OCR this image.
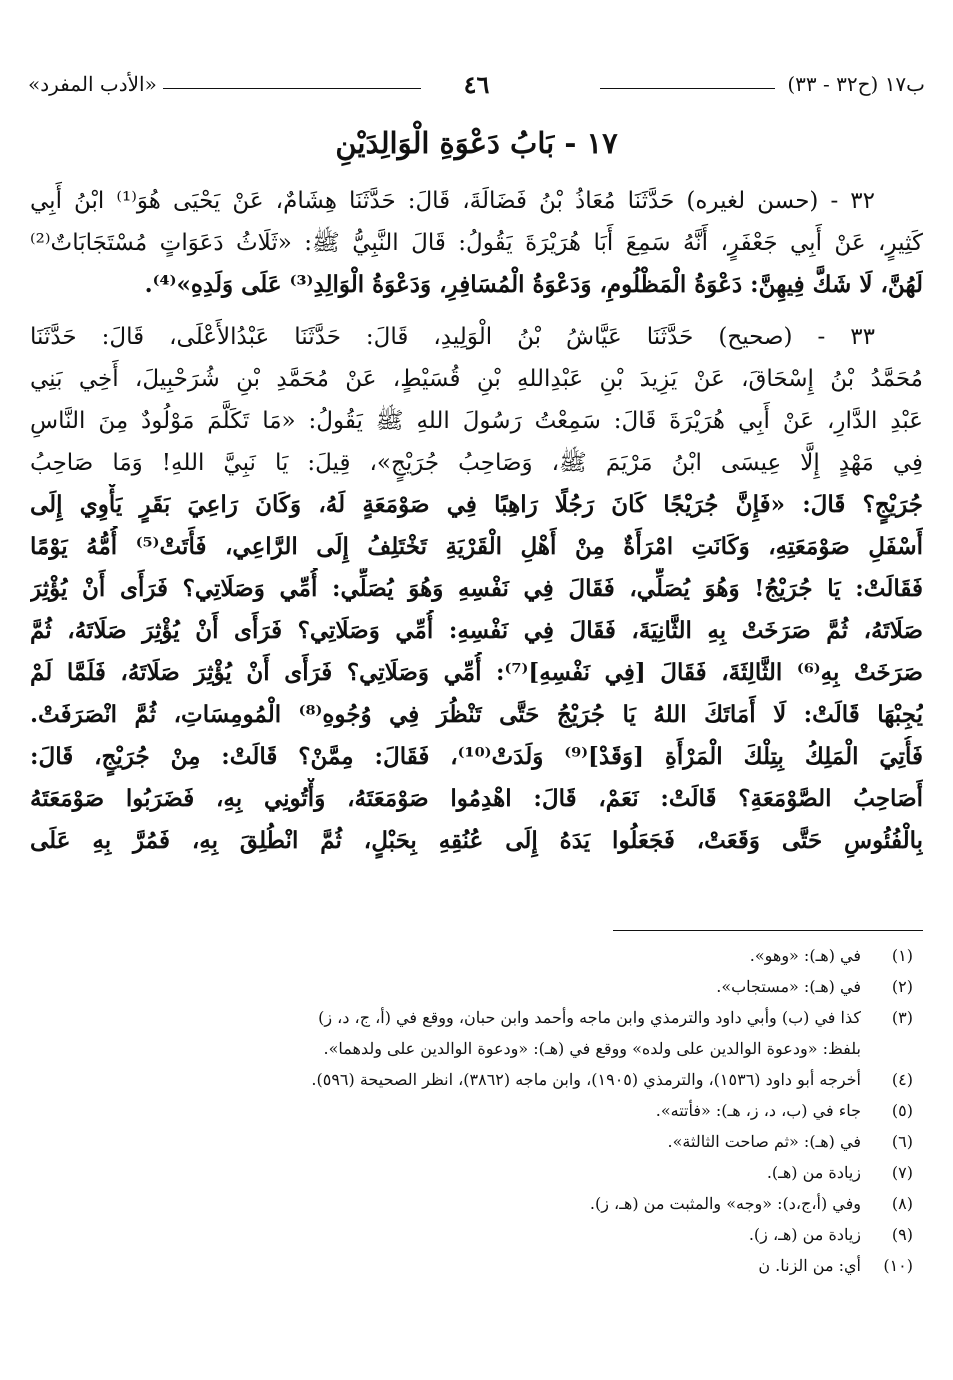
ب١٧ (ح٣٢ - ٣٣)
٤٦
«الأدب المفرد»
١٧ - بَابُ دَعْوَةِ الْوَالِدَيْنِ
٣٢ - (حسن لغيره) حَدَّثَنَا مُعَاذُ بْنُ فَضَالَةَ، قَالَ: حَدَّثَنَا هِشَامٌ، عَنْ يَحْيَى هُوَ⁽¹⁾ ابْنُ أَبِي
كَثِيرٍ، عَنْ أَبِي جَعْفَرٍ، أَنَّهُ سَمِعَ أَبَا هُرَيْرَةَ يَقُولُ: قَالَ النَّبِيُّ ﷺ: «ثَلَاثُ دَعَوَاتٍ مُسْتَجَابَاتٌ⁽²⁾
لَهُنَّ، لَا شَكَّ فِيهِنَّ: دَعْوَةُ الْمَظْلُومِ، وَدَعْوَةُ الْمُسَافِرِ، وَدَعْوَةُ الْوَالِدِ⁽³⁾ عَلَى وَلَدِهِ»⁽⁴⁾.
٣٣ - (صحيح) حَدَّثَنَا عَيَّاشُ بْنُ الْوَلِيدِ، قَالَ: حَدَّثَنَا عَبْدُالأَعْلَى، قَالَ: حَدَّثَنَا
مُحَمَّدُ بْنُ إِسْحَاقَ، عَنْ يَزِيدَ بْنِ عَبْدِاللهِ بْنِ قُسَيْطٍ، عَنْ مُحَمَّدِ بْنِ شُرَحْبِيلَ، أَخِي بَنِي
عَبْدِ الدَّارِ، عَنْ أَبِي هُرَيْرَةَ قَالَ: سَمِعْتُ رَسُولَ اللهِ ﷺ يَقُولُ: «مَا تَكَلَّمَ مَوْلُودٌ مِنَ النَّاسِ
فِي مَهْدٍ إِلَّا عِيسَى ابْنُ مَرْيَمَ ﷺ، وَصَاحِبُ جُرَيْجٍ»، قِيلَ: يَا نَبِيَّ اللهِ! وَمَا صَاحِبُ
جُرَيْجٍ؟ قَالَ: «فَإِنَّ جُرَيْجًا كَانَ رَجُلًا رَاهِبًا فِي صَوْمَعَةٍ لَهُ، وَكَانَ رَاعِيَ بَقَرٍ يَأْوِي إِلَى
أَسْفَلِ صَوْمَعَتِهِ، وَكَانَتِ امْرَأَةٌ مِنْ أَهْلِ الْقَرْيَةِ تَخْتَلِفُ إِلَى الرَّاعِي، فَأَتَتْ⁽⁵⁾ أُمُّهُ يَوْمًا
فَقَالَتْ: يَا جُرَيْجُ! وَهُوَ يُصَلِّي، فَقَالَ فِي نَفْسِهِ وَهُوَ يُصَلِّي: أُمِّي وَصَلَاتِي؟ فَرَأَى أَنْ يُؤْثِرَ
صَلَاتَهُ، ثُمَّ صَرَخَتْ بِهِ الثَّانِيَةَ، فَقَالَ فِي نَفْسِهِ: أُمِّي وَصَلَاتِي؟ فَرَأَى أَنْ يُؤْثِرَ صَلَاتَهُ، ثُمَّ
صَرَخَتْ بِهِ⁽⁶⁾ الثَّالِثَةَ، فَقَالَ [فِي نَفْسِهِ]⁽⁷⁾: أُمِّي وَصَلَاتِي؟ فَرَأَى أَنْ يُؤْثِرَ صَلَاتَهُ، فَلَمَّا لَمْ
يُجِبْهَا قَالَتْ: لَا أَمَاتَكَ اللهُ يَا جُرَيْجُ حَتَّى تَنْظُرَ فِي وُجُوهِ⁽⁸⁾ الْمُومِسَاتِ، ثُمَّ انْصَرَفَتْ.
فَأُتِيَ الْمَلِكُ بِتِلْكَ الْمَرْأَةِ [وَقَدْ]⁽⁹⁾ وَلَدَتْ⁽¹⁰⁾، فَقَالَ: مِمَّنْ؟ قَالَتْ: مِنْ جُرَيْجٍ، قَالَ:
أَصَاحِبُ الصَّوْمَعَةِ؟ قَالَتْ: نَعَمْ، قَالَ: اهْدِمُوا صَوْمَعَتَهُ، وَأْتُونِي بِهِ، فَضَرَبُوا صَوْمَعَتَهُ
بِالْفُئُوسِ حَتَّى وَقَعَتْ، فَجَعَلُوا يَدَهُ إِلَى عُنُقِهِ بِحَبْلٍ، ثُمَّ انْطُلِقَ بِهِ، فَمُرَّ بِهِ عَلَى
(١)في (هـ): «وهو».
(٢)في (هـ): «مستجاب».
(٣)كذا في (ب) وأبي داود والترمذي وابن ماجه وأحمد وابن حبان، ووقع في (أ، ج، د، ز)
بلفظ: «ودعوة الوالدين على ولده» ووقع في (هـ): «ودعوة الوالدين على ولدهما».
(٤)أخرجه أبو داود (١٥٣٦)، والترمذي (١٩٠٥)، وابن ماجه (٣٨٦٢)، انظر الصحيحة (٥٩٦).
(٥)جاء في (ب، د، ز، هـ): «فأتته».
(٦)في (هـ): «ثم صاحت الثالثة».
(٧)زيادة من (هـ).
(٨)وفي (أ،ج،د): «وجه» والمثبت من (هـ، ز).
(٩)زيادة من (هـ، ز).
(١٠)أي: من الزنا. ن
